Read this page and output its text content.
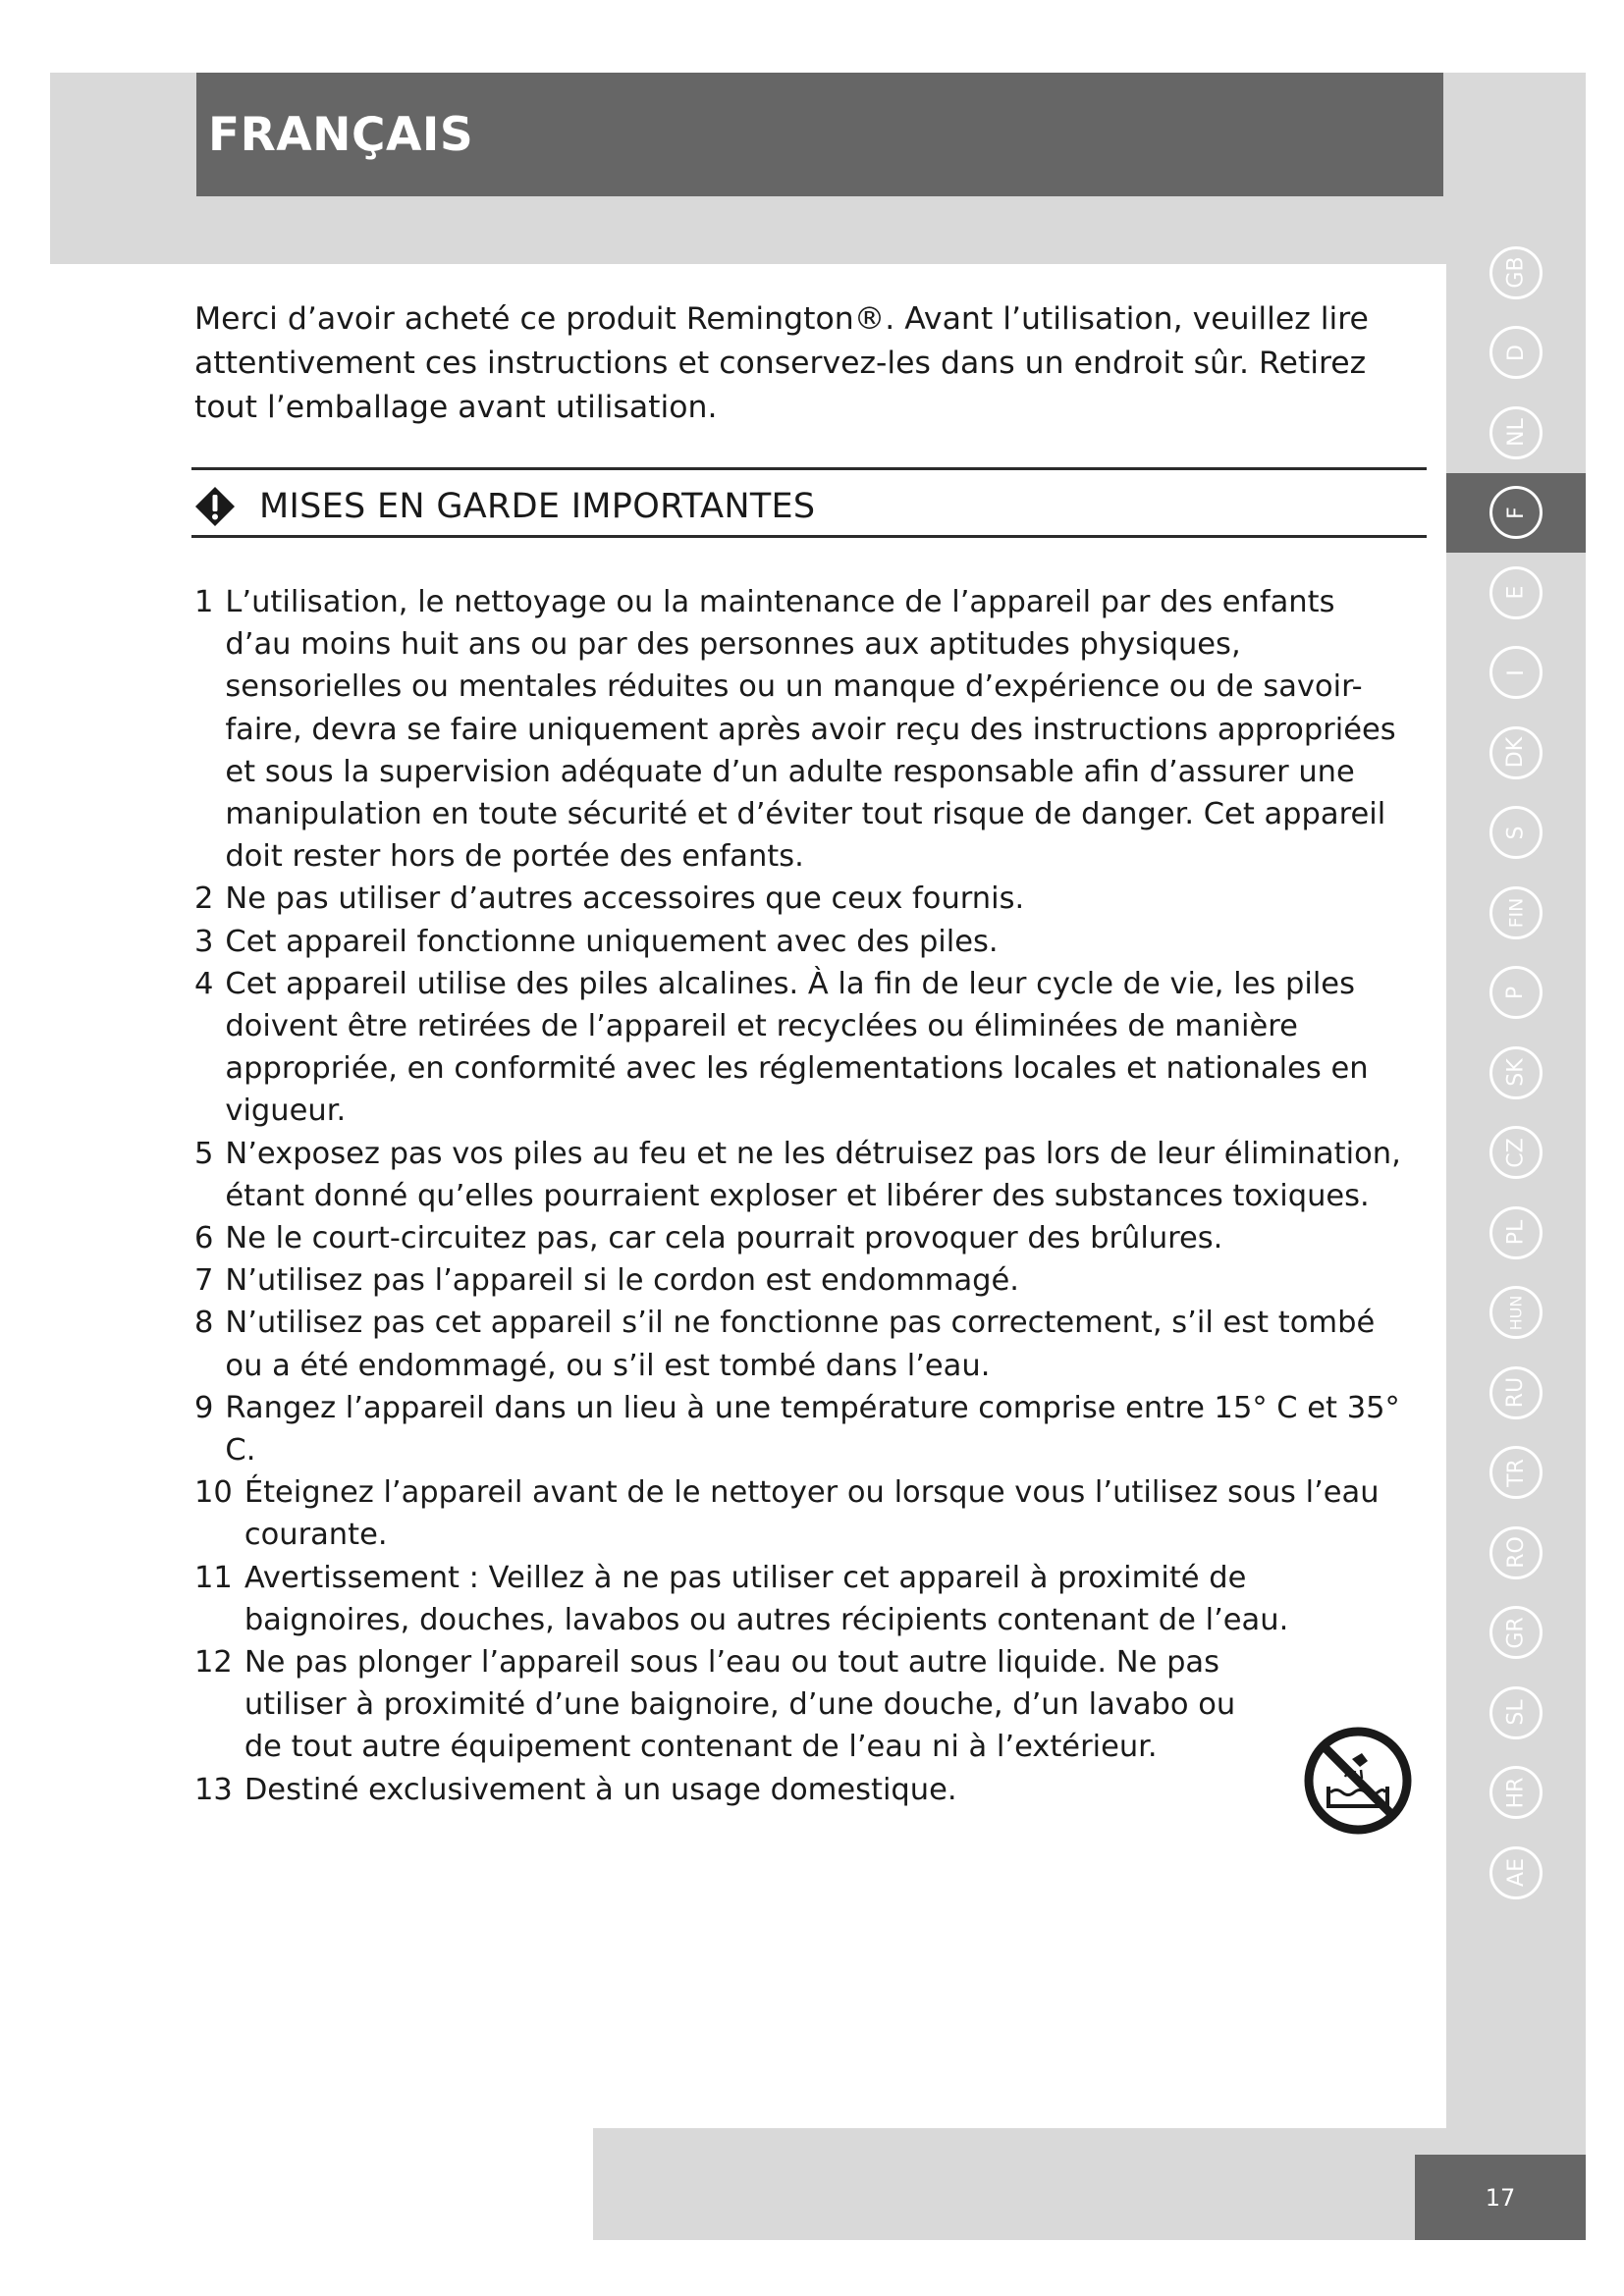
FRANÇAIS

Merci d’avoir acheté ce produit Remington®. Avant l’utilisation, veuillez lire attentivement ces instructions et conservez-les dans un endroit sûr. Retirez tout l’emballage avant utilisation.

MISES EN GARDE IMPORTANTES
1 L’utilisation, le nettoyage ou la maintenance de l’appareil par des enfants d’au moins huit ans ou par des personnes aux aptitudes physiques, sensorielles ou mentales réduites ou un manque d’expérience ou de savoir-faire, devra se faire uniquement après avoir reçu des instructions appropriées et sous la supervision adéquate d’un adulte responsable afin d’assurer une manipulation en toute sécurité et d’éviter tout risque de danger. Cet appareil doit rester hors de portée des enfants.
2 Ne pas utiliser d’autres accessoires que ceux fournis.
3 Cet appareil fonctionne uniquement avec des piles.
4 Cet appareil utilise des piles alcalines. À la fin de leur cycle de vie, les piles doivent être retirées de l’appareil et recyclées ou éliminées de manière appropriée, en conformité avec les réglementations locales et nationales en vigueur.
5 N’exposez pas vos piles au feu et ne les détruisez pas lors de leur élimination, étant donné qu’elles pourraient exploser et libérer des substances toxiques.
6 Ne le court-circuitez pas, car cela pourrait provoquer des brûlures.
7 N’utilisez pas l’appareil si le cordon est endommagé.
8 N’utilisez pas cet appareil s’il ne fonctionne pas correctement, s’il est tombé ou a été endommagé, ou s’il est tombé dans l’eau.
9 Rangez l’appareil dans un lieu à une température comprise entre 15° C et 35° C.
10 Éteignez l’appareil avant de le nettoyer ou lorsque vous l’utilisez sous l’eau courante.
11 Avertissement : Veillez à ne pas utiliser cet appareil à proximité de baignoires, douches, lavabos ou autres récipients contenant de l’eau.
12 Ne pas plonger l’appareil sous l’eau ou tout autre liquide. Ne pas utiliser à proximité d’une baignoire, d’une douche, d’un lavabo ou de tout autre équipement contenant de l’eau ni à l’extérieur.
13 Destiné exclusivement à un usage domestique.
GB
D
NL
F
E
I
DK
S
FIN
P
SK
CZ
PL
HUN
RU
TR
RO
GR
SL
HR
AE
17
